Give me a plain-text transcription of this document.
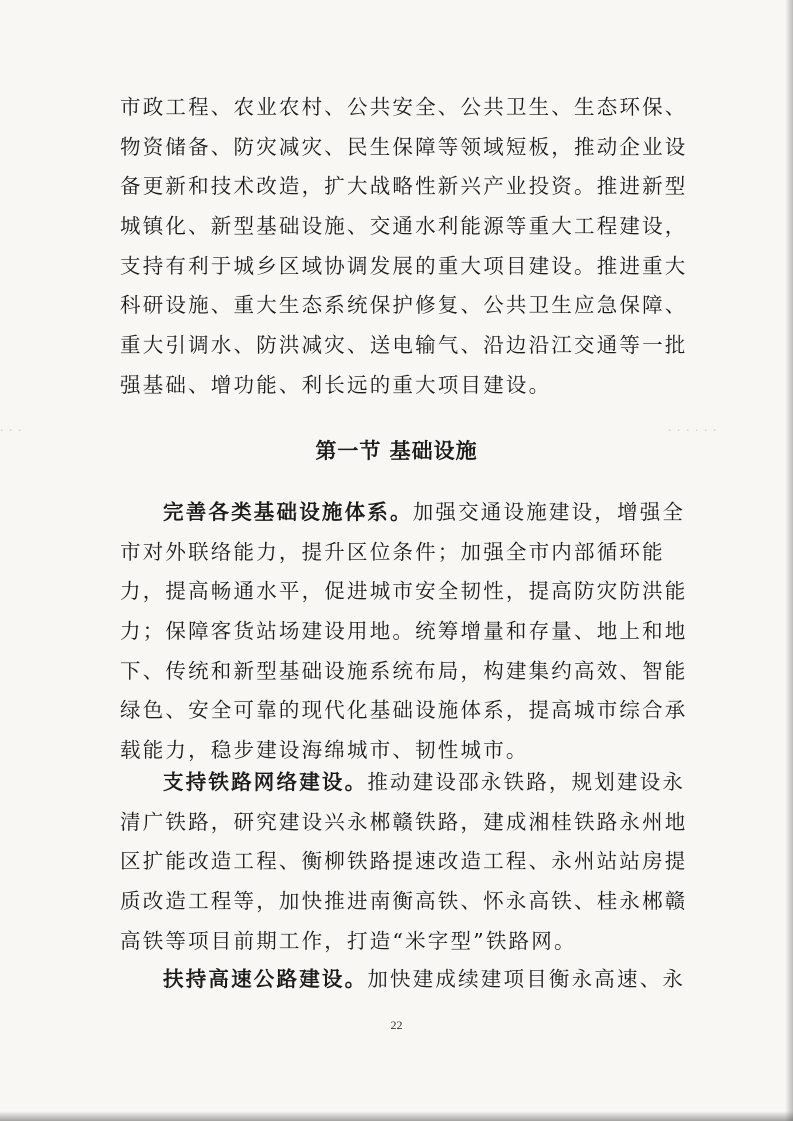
· · ·	· · · · · ·
市政工程、农业农村、公共安全、公共卫生、生态环保、
物资储备、防灾减灾、民生保障等领域短板，推动企业设
备更新和技术改造，扩大战略性新兴产业投资。推进新型
城镇化、新型基础设施、交通水利能源等重大工程建设，
支持有利于城乡区域协调发展的重大项目建设。推进重大
科研设施、重大生态系统保护修复、公共卫生应急保障、
重大引调水、防洪减灾、送电输气、沿边沿江交通等一批
强基础、增功能、利长远的重大项目建设。
第一节 基础设施
完善各类基础设施体系。加强交通设施建设，增强全
市对外联络能力，提升区位条件；加强全市内部循环能
力，提高畅通水平，促进城市安全韧性，提高防灾防洪能
力；保障客货站场建设用地。统筹增量和存量、地上和地
下、传统和新型基础设施系统布局，构建集约高效、智能
绿色、安全可靠的现代化基础设施体系，提高城市综合承
载能力，稳步建设海绵城市、韧性城市。
支持铁路网络建设。推动建设邵永铁路，规划建设永
清广铁路，研究建设兴永郴赣铁路，建成湘桂铁路永州地
区扩能改造工程、衡柳铁路提速改造工程、永州站站房提
质改造工程等，加快推进南衡高铁、怀永高铁、桂永郴赣
高铁等项目前期工作，打造“米字型”铁路网。
扶持高速公路建设。加快建成续建项目衡永高速、永
22
